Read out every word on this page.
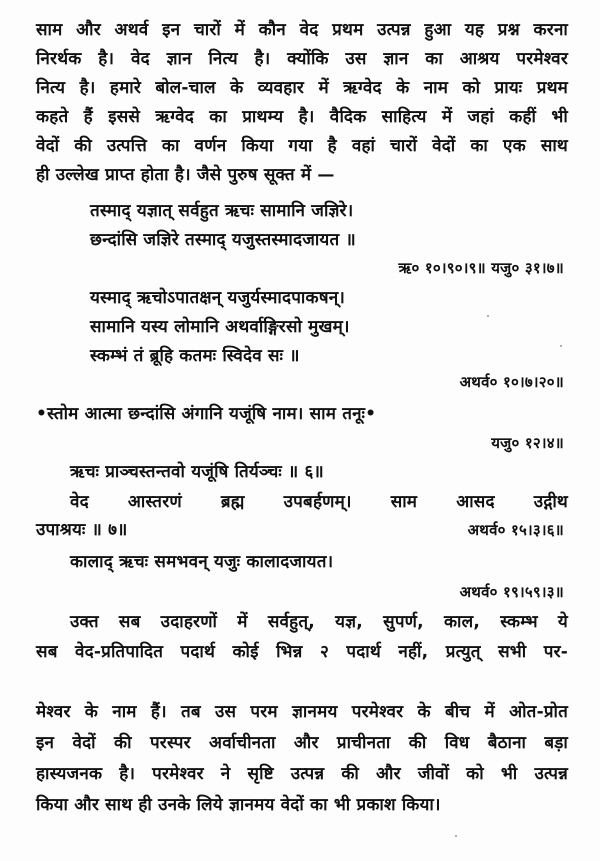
साम और अथर्व इन चारों में कौन वेद प्रथम उत्पन्न हुआ यह प्रश्न करना
निरर्थक है। वेद ज्ञान नित्य है। क्योंकि उस ज्ञान का आश्रय परमेश्वर
नित्य है। हमारे बोल-चाल के व्यवहार में ऋग्वेद के नाम को प्रायः प्रथम
कहते हैं इससे ऋग्वेद का प्राथम्य है। वैदिक साहित्य में जहां कहीं भी
वेदों की उत्पत्ति का वर्णन किया गया है वहां चारों वेदों का एक साथ
ही उल्लेख प्राप्त होता है। जैसे पुरुष सूक्त में —
तस्माद् यज्ञात् सर्वहुत ऋचः सामानि जज्ञिरे।
छन्दांसि जज्ञिरे तस्माद् यजुस्तस्मादजायत ॥
ऋ० १०।९०।९॥ यजु० ३१।७॥
यस्माद् ऋचोऽपातक्षन् यजुर्यस्मादपाकषन्।
सामानि यस्य लोमानि अथर्वाङ्गिरसो मुखम्।
स्कम्भं तं ब्रूहि कतमः स्विदेव सः ॥
अथर्व० १०।७।२०॥
•स्तोम आत्मा छन्दांसि अंगानि यजूंषि नाम। साम तनूः•
यजु० १२।४॥
ऋचः प्राञ्चस्तन्तवो यजूंषि तिर्यञ्चः ॥ ६॥
वेद आस्तरणं ब्रह्म उपबर्हणम्। साम आसद उद्गीथ
उपाश्रयः ॥ ७॥	अथर्व० १५।३।६॥
कालाद् ऋचः समभवन् यजुः कालादजायत।
अथर्व० १९।५९।३॥
उक्त सब उदाहरणों में सर्वहुत्, यज्ञ, सुपर्ण, काल, स्कम्भ ये
सब वेद-प्रतिपादित पदार्थ कोई भिन्न २ पदार्थ नहीं, प्रत्युत् सभी पर-
मेश्वर के नाम हैं। तब उस परम ज्ञानमय परमेश्वर के बीच में ओत-प्रोत
इन वेदों की परस्पर अर्वाचीनता और प्राचीनता की विध बैठाना बड़ा
हास्यजनक है। परमेश्वर ने सृष्टि उत्पन्न की और जीवों को भी उत्पन्न
किया और साथ ही उनके लिये ज्ञानमय वेदों का भी प्रकाश किया।
